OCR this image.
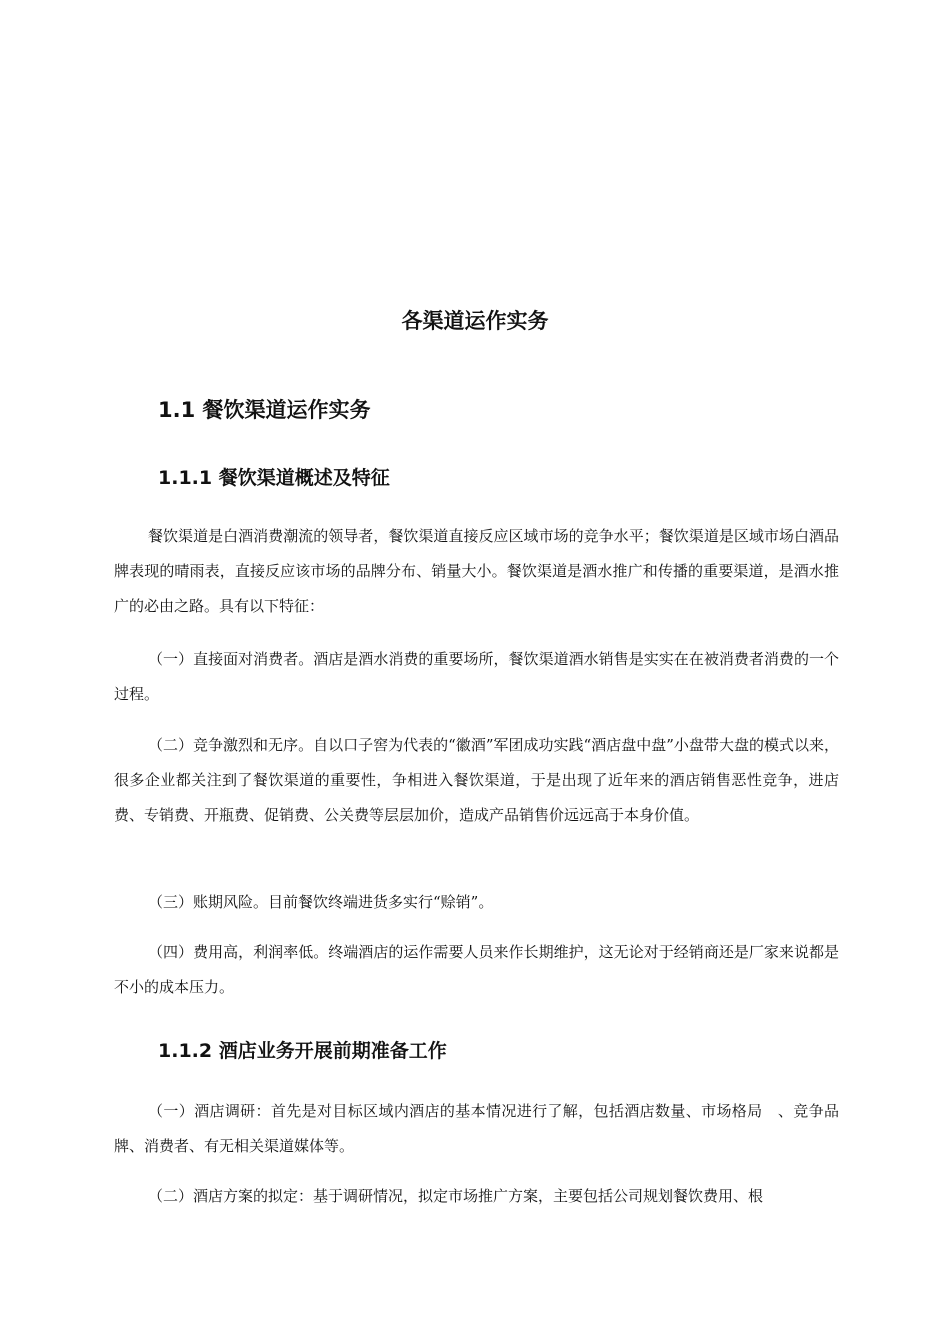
各渠道运作实务
1.1 餐饮渠道运作实务
1.1.1 餐饮渠道概述及特征

餐饮渠道是白酒消费潮流的领导者，餐饮渠道直接反应区域市场的竞争水平；餐饮渠道是区域市场白酒品牌表现的晴雨表，直接反应该市场的品牌分布、销量大小。餐饮渠道是酒水推广和传播的重要渠道，是酒水推广的必由之路。具有以下特征：

（一）直接面对消费者。酒店是酒水消费的重要场所，餐饮渠道酒水销售是实实在在被消费者消费的一个过程。

（二）竞争激烈和无序。自以口子窖为代表的“徽酒”军团成功实践“酒店盘中盘”小盘带大盘的模式以来，很多企业都关注到了餐饮渠道的重要性，争相进入餐饮渠道，于是出现了近年来的酒店销售恶性竞争，进店费、专销费、开瓶费、促销费、公关费等层层加价，造成产品销售价远远高于本身价值。

（三）账期风险。目前餐饮终端进货多实行“赊销”。

（四）费用高，利润率低。终端酒店的运作需要人员来作长期维护，这无论对于经销商还是厂家来说都是不小的成本压力。

1.1.2 酒店业务开展前期准备工作

（一）酒店调研：首先是对目标区域内酒店的基本情况进行了解，包括酒店数量、市场格局　、竞争品牌、消费者、有无相关渠道媒体等。

（二）酒店方案的拟定：基于调研情况，拟定市场推广方案，主要包括公司规划餐饮费用、根
